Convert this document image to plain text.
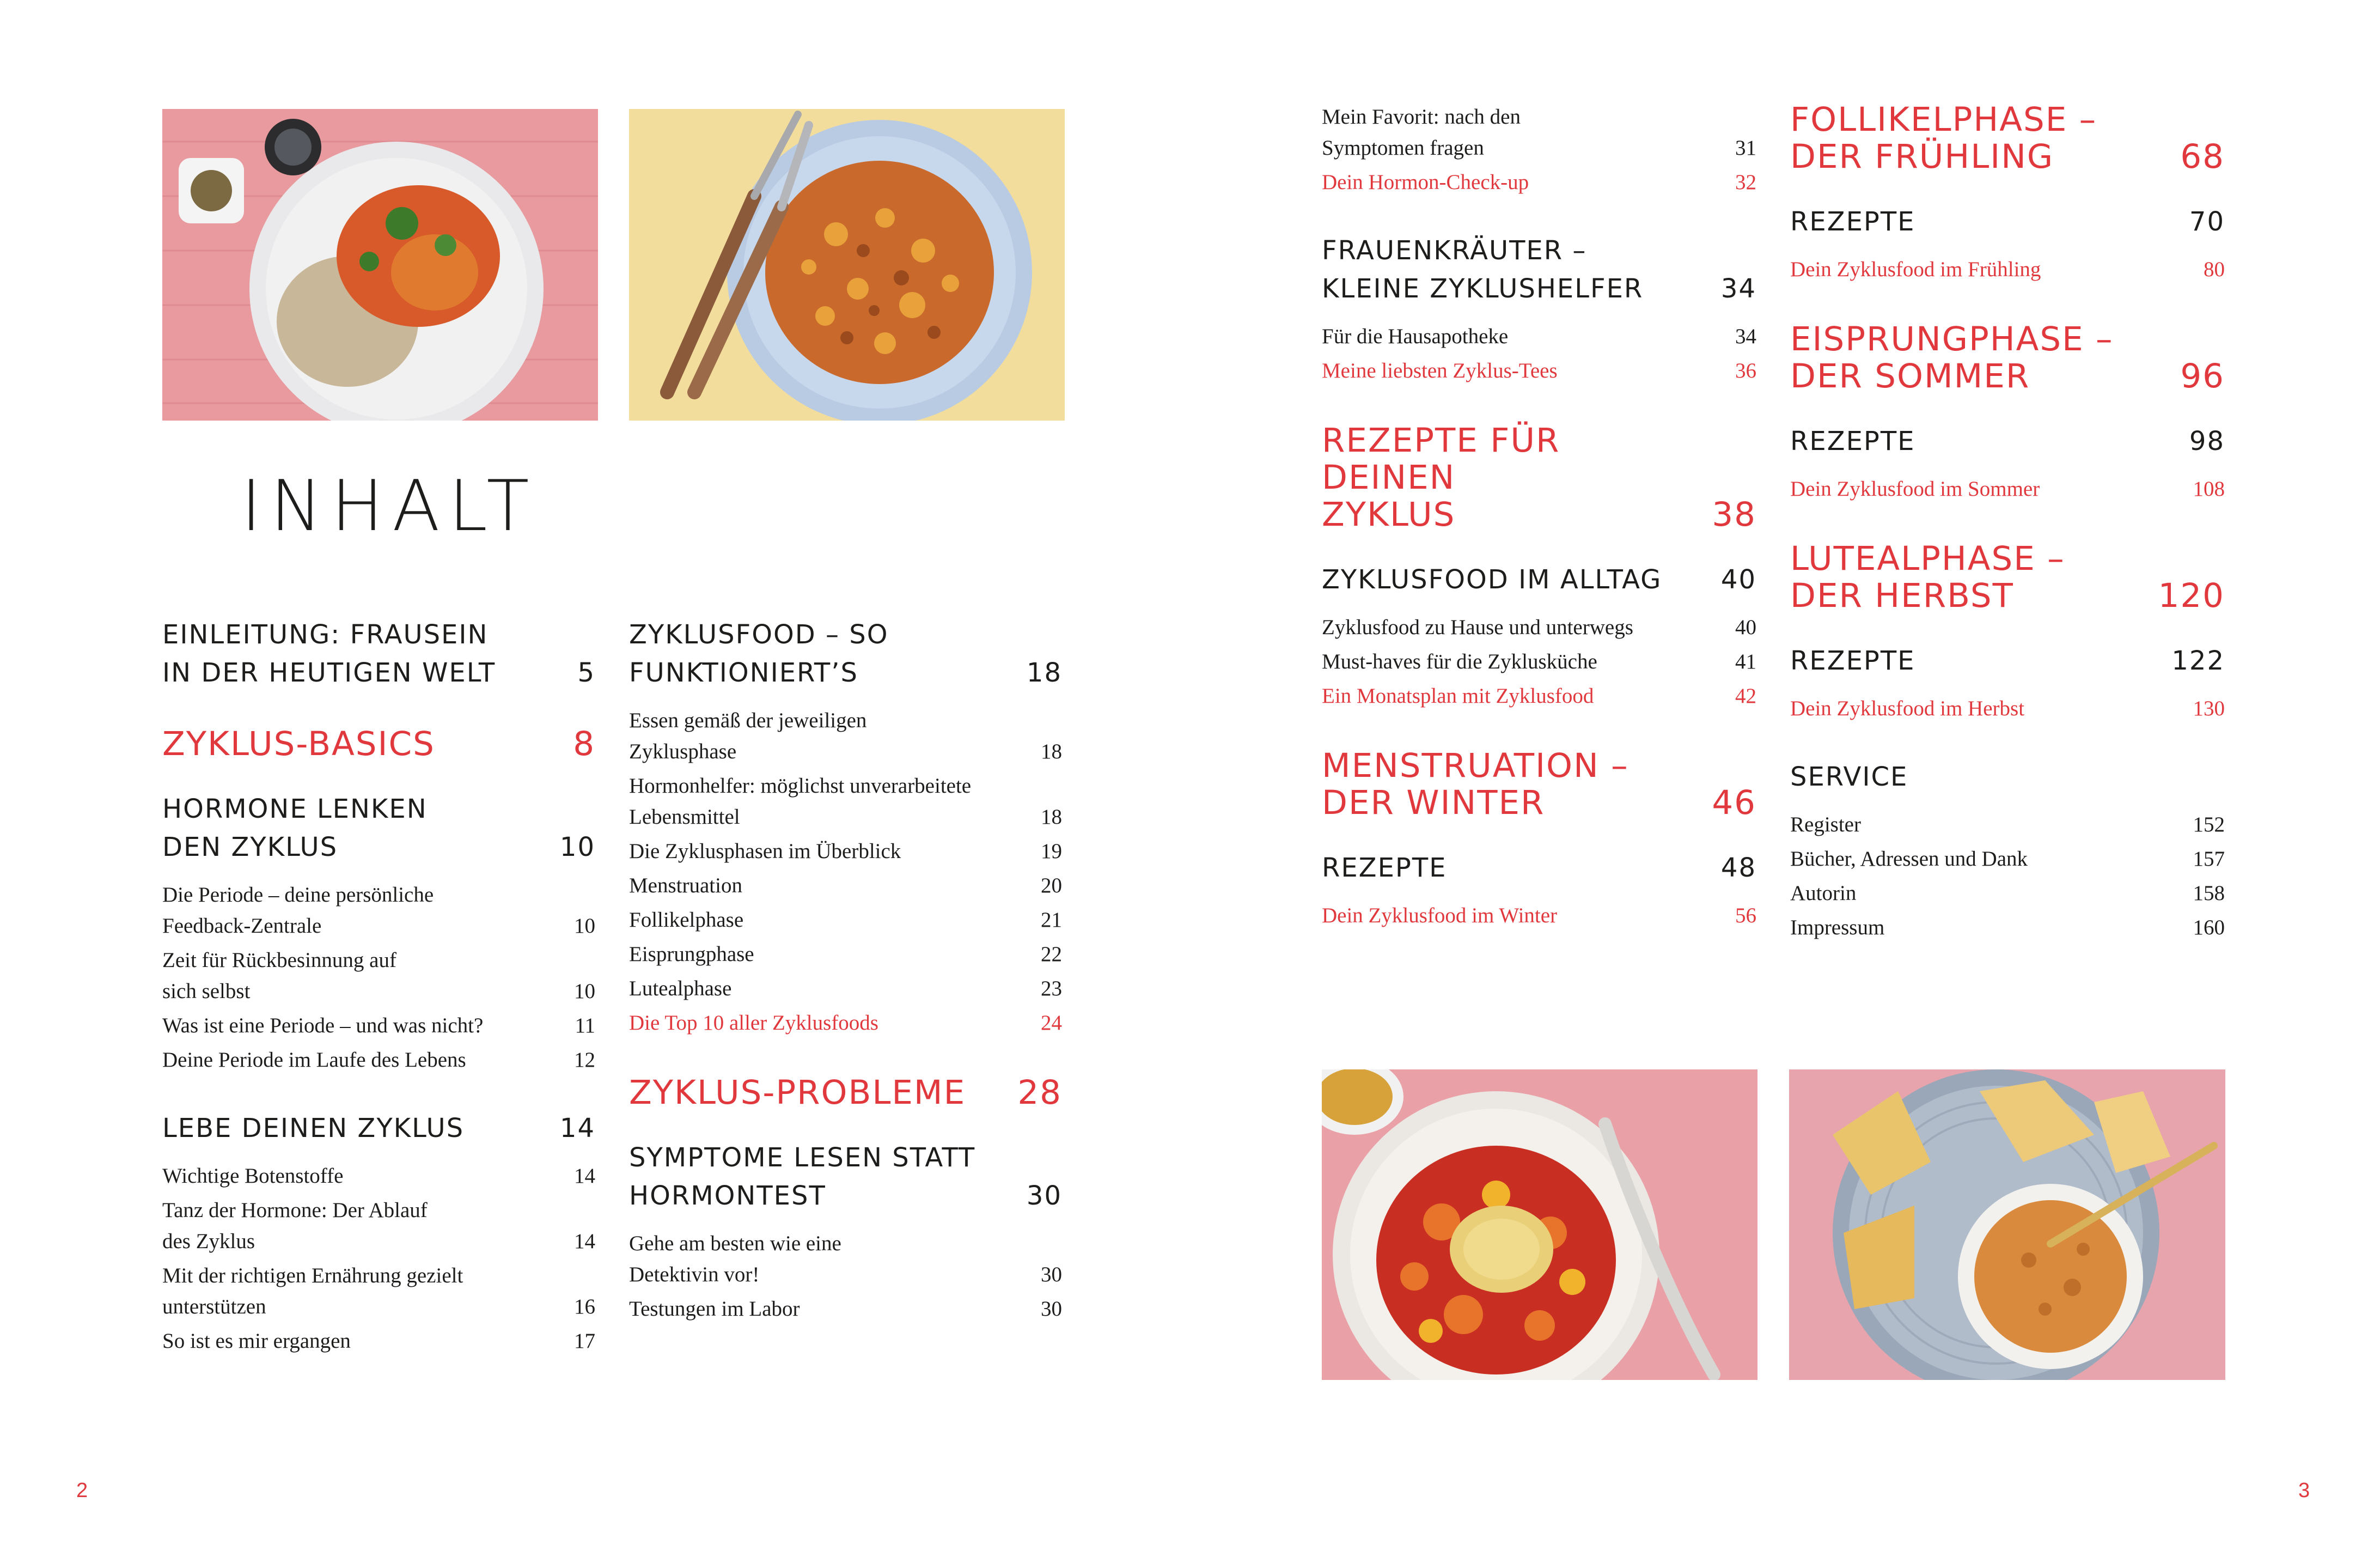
INHALT
EINLEITUNG: FRAUSEIN
IN DER HEUTIGEN WELT	5
ZYKLUS-BASICS	8
HORMONE LENKEN
DEN ZYKLUS	10
Die Periode – deine persönliche
Feedback-Zentrale	10
Zeit für Rückbesinnung auf
sich selbst	10
Was ist eine Periode – und was nicht?	11
Deine Periode im Laufe des Lebens	12
LEBE DEINEN ZYKLUS	14
Wichtige Botenstoffe	14
Tanz der Hormone: Der Ablauf
des Zyklus	14
Mit der richtigen Ernährung gezielt
unterstützen	16
So ist es mir ergangen	17
ZYKLUSFOOD – SO
FUNKTIONIERT’S	18
Essen gemäß der jeweiligen
Zyklusphase	18
Hormonhelfer: möglichst unverarbeitete
Lebensmittel	18
Die Zyklusphasen im Überblick	19
Menstruation	20
Follikelphase	21
Eisprungphase	22
Lutealphase	23
Die Top 10 aller Zyklusfoods	24
ZYKLUS-PROBLEME	28
SYMPTOME LESEN STATT
HORMONTEST	30
Gehe am besten wie eine
Detektivin vor!	30
Testungen im Labor	30
Mein Favorit: nach den
Symptomen fragen	31
Dein Hormon-Check-up	32
FRAUENKRÄUTER –
KLEINE ZYKLUSHELFER	34
Für die Hausapotheke	34
Meine liebsten Zyklus-Tees	36
REZEPTE FÜR DEINEN
ZYKLUS	38
ZYKLUSFOOD IM ALLTAG	40
Zyklusfood zu Hause und unterwegs	40
Must-haves für die Zyklusküche	41
Ein Monatsplan mit Zyklusfood	42
MENSTRUATION –
DER WINTER	46
REZEPTE	48
Dein Zyklusfood im Winter	56
FOLLIKELPHASE –
DER FRÜHLING	68
REZEPTE	70
Dein Zyklusfood im Frühling	80
EISPRUNGPHASE –
DER SOMMER	96
REZEPTE	98
Dein Zyklusfood im Sommer	108
LUTEALPHASE –
DER HERBST	120
REZEPTE	122
Dein Zyklusfood im Herbst	130
SERVICE
Register	152
Bücher, Adressen und Dank	157
Autorin	158
Impressum	160
2	3
